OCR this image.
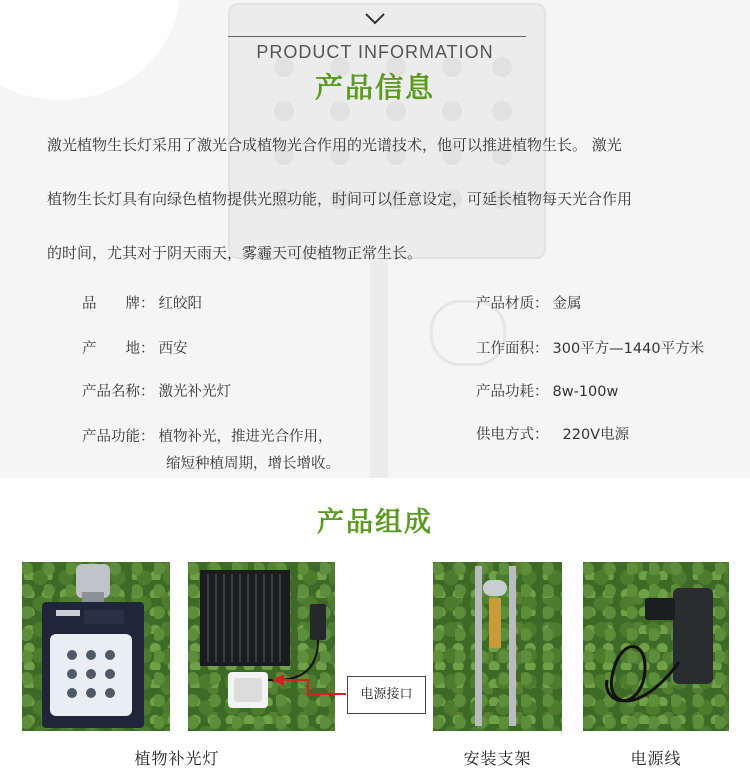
PRODUCT INFORMATION
产品信息
激光植物生长灯采用了激光合成植物光合作用的光谱技术，他可以推进植物生长。 激光
植物生长灯具有向绿色植物提供光照功能，时间可以任意设定，可延长植物每天光合作用
的时间，尤其对于阴天雨天，雾霾天可使植物正常生长。
品　　牌： 红皎阳
产　　地： 西安
产品名称： 激光补光灯
产品功能： 植物补光，推进光合作用，
缩短种植周期，增长增收。
产品材质： 金属
工作面积： 300平方—1440平方米
产品功耗： 8w-100w
供电方式： 220V电源
产品组成
电源接口
植物补光灯	安装支架	电源线
